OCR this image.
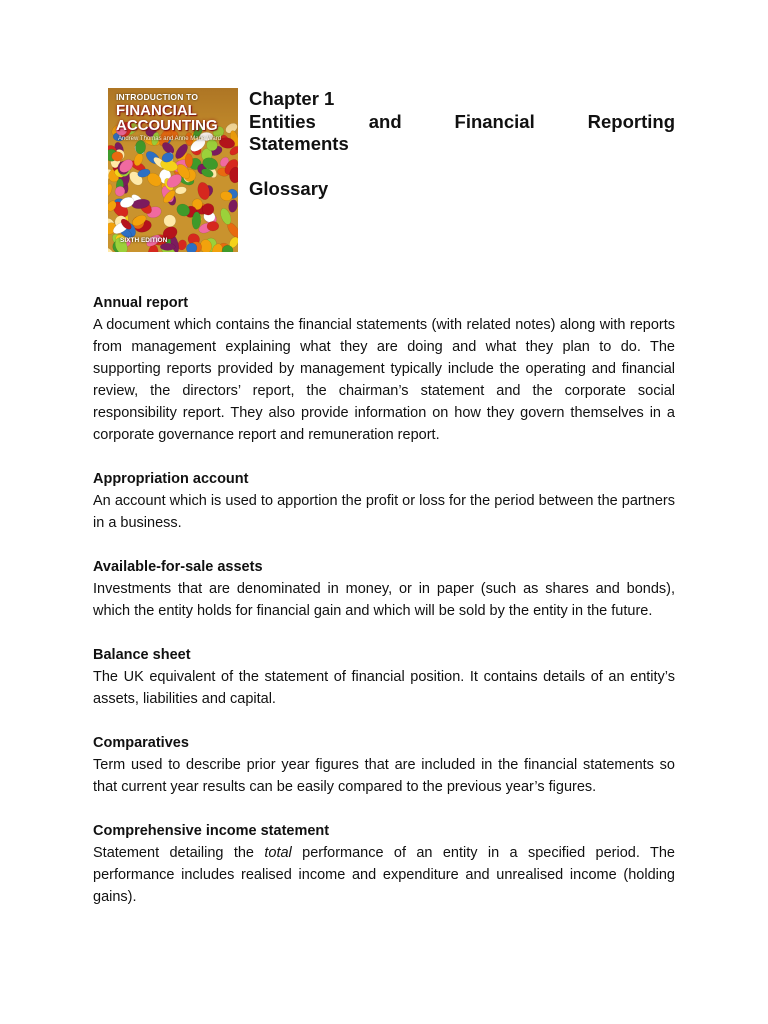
INTRODUCTION TO
FINANCIAL
ACCOUNTING
Andrew Thomas and Anne Marie Ward
SIXTH EDITION

Chapter 1

Entities	and	Financial	Reporting
Statements

Glossary

Annual report

A document which contains the financial statements (with related notes) along with reports from management explaining what they are doing and what they plan to do. The supporting reports provided by management typically include the operating and financial review, the directors’ report, the chairman’s statement and the corporate social responsibility report. They also provide information on how they govern themselves in a corporate governance report and remuneration report.

Appropriation account

An account which is used to apportion the profit or loss for the period between the partners in a business.

Available-for-sale assets

Investments that are denominated in money, or in paper (such as shares and bonds), which the entity holds for financial gain and which will be sold by the entity in the future.

Balance sheet

The UK equivalent of the statement of financial position. It contains details of an entity’s assets, liabilities and capital.

Comparatives

Term used to describe prior year figures that are included in the financial statements so that current year results can be easily compared to the previous year’s figures.

Comprehensive income statement

Statement detailing the total performance of an entity in a specified period. The performance includes realised income and expenditure and unrealised income (holding gains).
